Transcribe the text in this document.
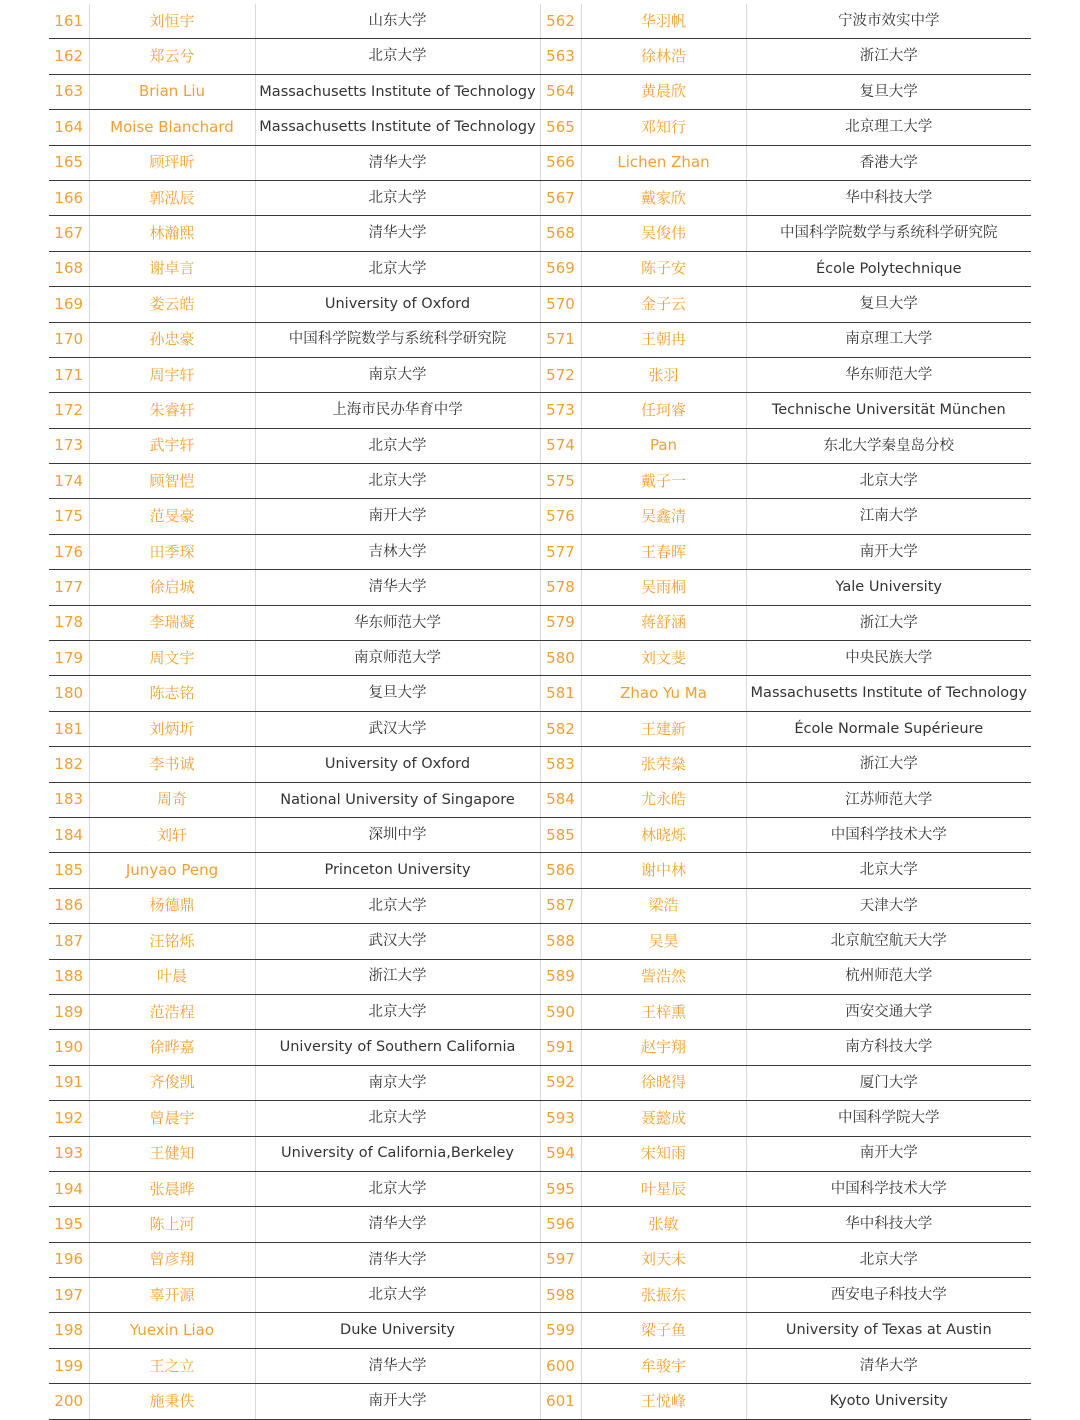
161	刘恒宇	山东大学	562	华羽帆	宁波市效实中学
162	郑云兮	北京大学	563	徐林浩	浙江大学
163	Brian Liu	Massachusetts Institute of Technology	564	黄晨欣	复旦大学
164	Moise Blanchard	Massachusetts Institute of Technology	565	邓知行	北京理工大学
165	顾玶昕	清华大学	566	Lichen Zhan	香港大学
166	郭泓辰	北京大学	567	戴家欣	华中科技大学
167	林瀚熙	清华大学	568	吴俊伟	中国科学院数学与系统科学研究院
168	谢卓言	北京大学	569	陈子安	École Polytechnique
169	娄云皓	University of Oxford	570	金子云	复旦大学
170	孙忠豪	中国科学院数学与系统科学研究院	571	王朝冉	南京理工大学
171	周宇轩	南京大学	572	张羽	华东师范大学
172	朱睿轩	上海市民办华育中学	573	任珂睿	Technische Universität München
173	武宇轩	北京大学	574	Pan	东北大学秦皇岛分校
174	顾智恺	北京大学	575	戴子一	北京大学
175	范旻豪	南开大学	576	吴鑫清	江南大学
176	田季琛	吉林大学	577	王春晖	南开大学
177	徐启城	清华大学	578	吴雨桐	Yale University
178	李瑞凝	华东师范大学	579	蒋舒涵	浙江大学
179	周文宇	南京师范大学	580	刘文斐	中央民族大学
180	陈志铭	复旦大学	581	Zhao Yu Ma	Massachusetts Institute of Technology
181	刘炳圻	武汉大学	582	王建新	École Normale Supérieure
182	李书诚	University of Oxford	583	张荣燊	浙江大学
183	周奇	National University of Singapore	584	尤永皓	江苏师范大学
184	刘轩	深圳中学	585	林晓烁	中国科学技术大学
185	Junyao Peng	Princeton University	586	谢中林	北京大学
186	杨德鼎	北京大学	587	梁浩	天津大学
187	汪铭烁	武汉大学	588	吴昊	北京航空航天大学
188	叶晨	浙江大学	589	訾浩然	杭州师范大学
189	范浩程	北京大学	590	王梓熏	西安交通大学
190	徐晔嘉	University of Southern California	591	赵宇翔	南方科技大学
191	齐俊凯	南京大学	592	徐晓得	厦门大学
192	曾晨宇	北京大学	593	聂懿成	中国科学院大学
193	王健知	University of California,Berkeley	594	宋知雨	南开大学
194	张晨晔	北京大学	595	叶星辰	中国科学技术大学
195	陈上河	清华大学	596	张敏	华中科技大学
196	曾彦翔	清华大学	597	刘天未	北京大学
197	辜开源	北京大学	598	张振东	西安电子科技大学
198	Yuexin Liao	Duke University	599	梁子鱼	University of Texas at Austin
199	王之立	清华大学	600	牟骏宇	清华大学
200	施秉佚	南开大学	601	王悦峰	Kyoto University
